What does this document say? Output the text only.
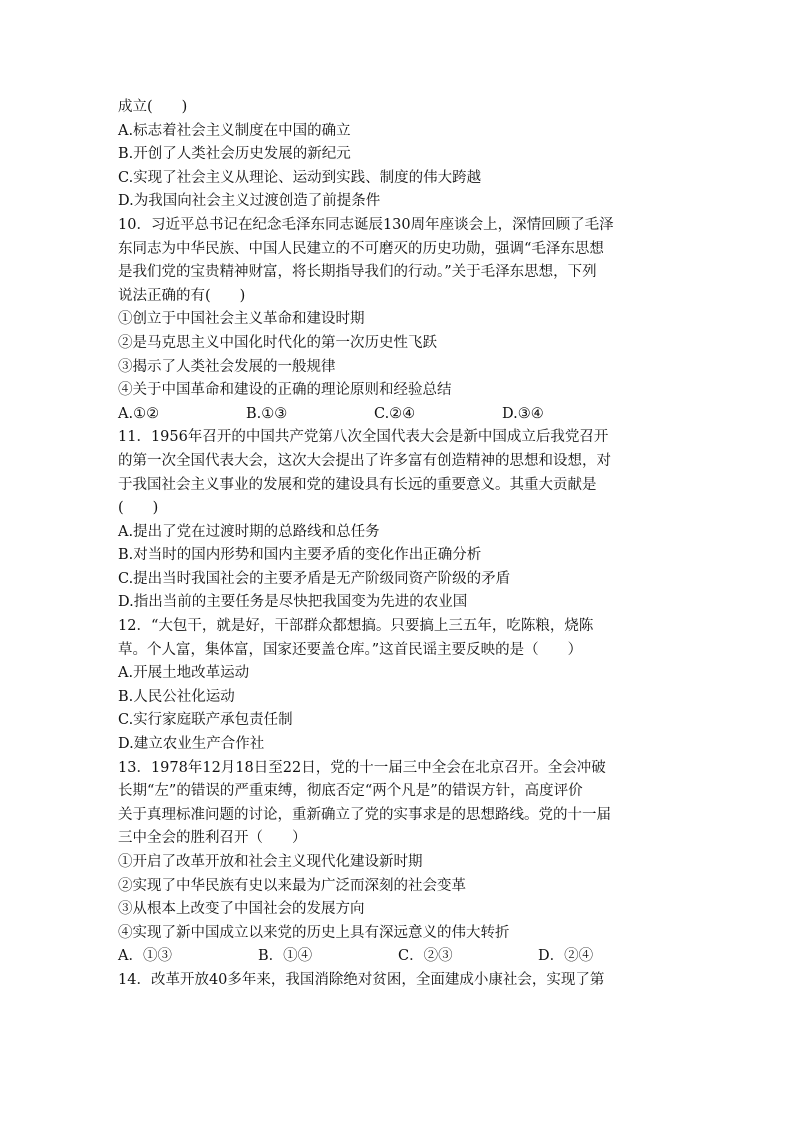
成立(　　)
A.标志着社会主义制度在中国的确立
B.开创了人类社会历史发展的新纪元
C.实现了社会主义从理论、运动到实践、制度的伟大跨越
D.为我国向社会主义过渡创造了前提条件
10．习近平总书记在纪念毛泽东同志诞辰130周年座谈会上，深情回顾了毛泽
东同志为中华民族、中国人民建立的不可磨灭的历史功勋，强调“毛泽东思想
是我们党的宝贵精神财富，将长期指导我们的行动。”关于毛泽东思想，下列
说法正确的有(　　)
①创立于中国社会主义革命和建设时期
②是马克思主义中国化时代化的第一次历史性飞跃
③揭示了人类社会发展的一般规律
④关于中国革命和建设的正确的理论原则和经验总结
A.①②	B.①③	C.②④	D.③④
11．1956年召开的中国共产党第八次全国代表大会是新中国成立后我党召开
的第一次全国代表大会，这次大会提出了许多富有创造精神的思想和设想，对
于我国社会主义事业的发展和党的建设具有长远的重要意义。其重大贡献是
(　　)
A.提出了党在过渡时期的总路线和总任务
B.对当时的国内形势和国内主要矛盾的变化作出正确分析
C.提出当时我国社会的主要矛盾是无产阶级同资产阶级的矛盾
D.指出当前的主要任务是尽快把我国变为先进的农业国
12．“大包干，就是好，干部群众都想搞。只要搞上三五年，吃陈粮，烧陈
草。个人富，集体富，国家还要盖仓库。”这首民谣主要反映的是（　　）
A.开展土地改革运动
B.人民公社化运动
C.实行家庭联产承包责任制
D.建立农业生产合作社
13．1978年12月18日至22日，党的十一届三中全会在北京召开。全会冲破
长期“左”的错误的严重束缚，彻底否定“两个凡是”的错误方针，高度评价
关于真理标准问题的讨论，重新确立了党的实事求是的思想路线。党的十一届
三中全会的胜利召开（　　）
①开启了改革开放和社会主义现代化建设新时期
②实现了中华民族有史以来最为广泛而深刻的社会变革
③从根本上改变了中国社会的发展方向
④实现了新中国成立以来党的历史上具有深远意义的伟大转折
A．①③	B．①④	C．②③	D．②④
14．改革开放40多年来，我国消除绝对贫困，全面建成小康社会，实现了第
